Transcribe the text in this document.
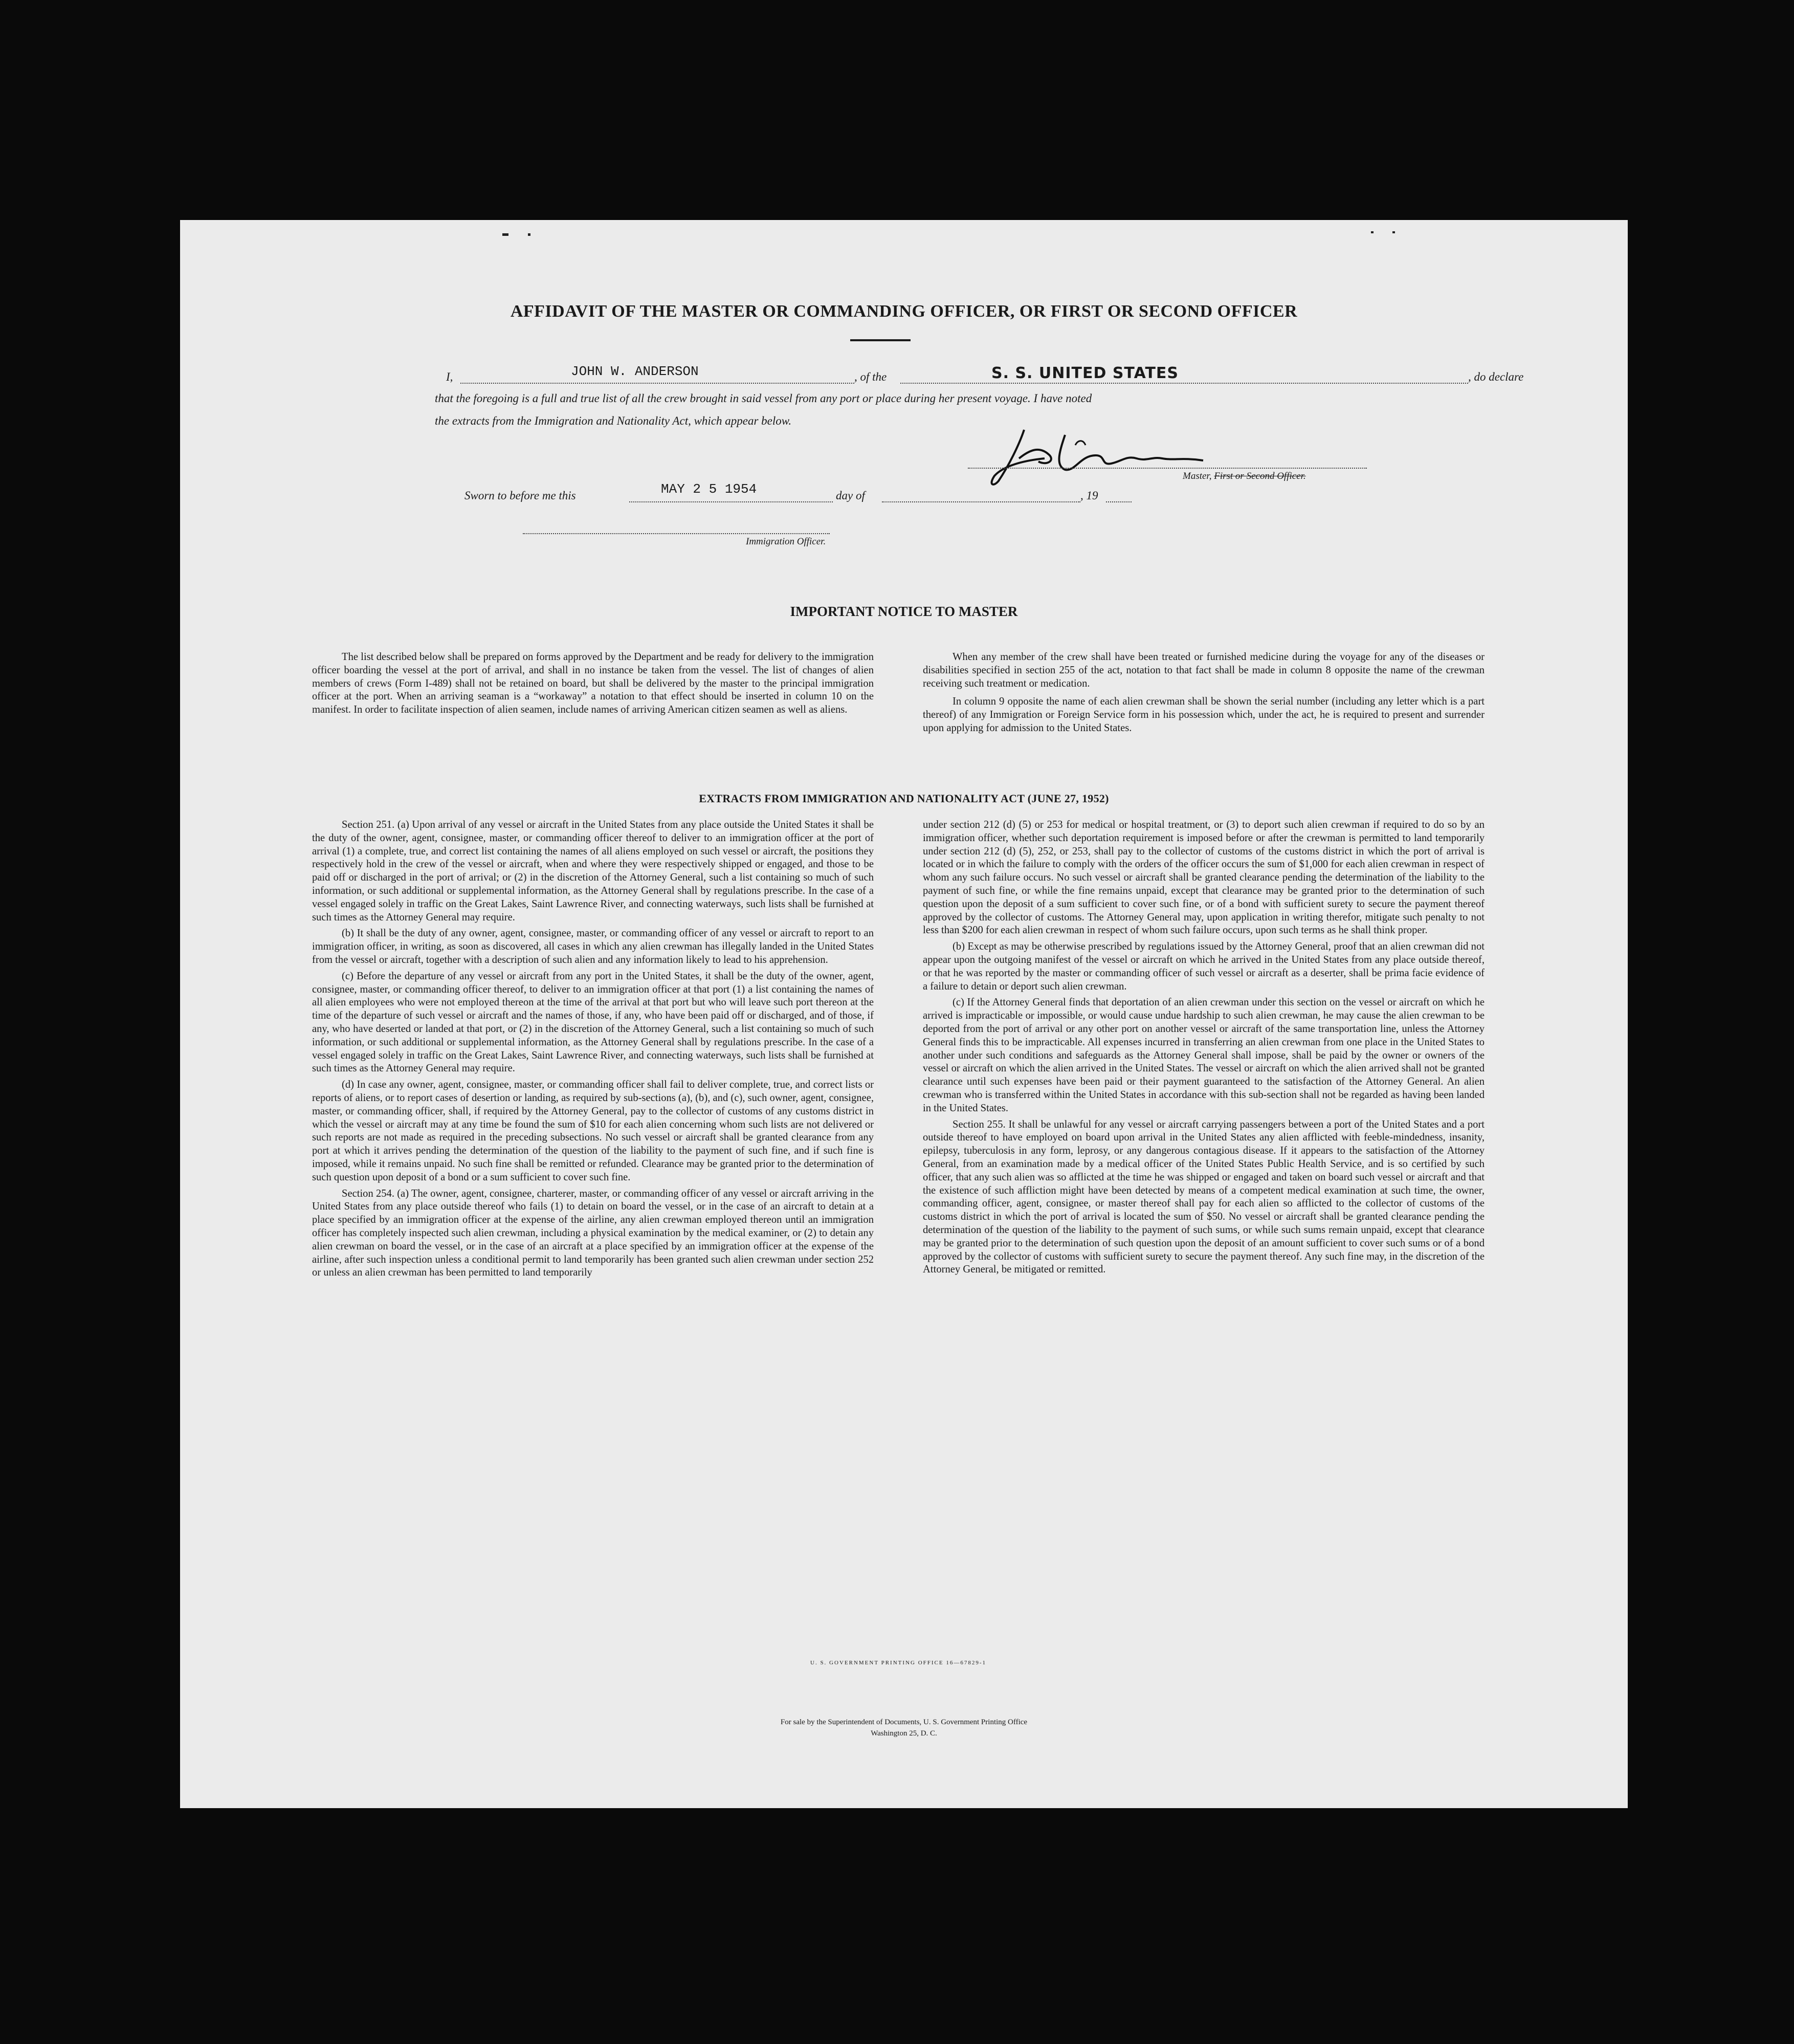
AFFIDAVIT OF THE MASTER OR COMMANDING OFFICER, OR FIRST OR SECOND OFFICER
I,	JOHN W. ANDERSON	, of the	S. S. UNITED STATES	, do declare
that the foregoing is a full and true list of all the crew brought in said vessel from any port or place during her present voyage. I have noted
the extracts from the Immigration and Nationality Act, which appear below.
Master, First or Second Officer.
Sworn to before me this	MAY 2 5 1954	day of	, 19
Immigration Officer.
IMPORTANT NOTICE TO MASTER

The list described below shall be prepared on forms approved by the Department and be ready for delivery to the immigration officer boarding the vessel at the port of arrival, and shall in no instance be taken from the vessel. The list of changes of alien members of crews (Form I-489) shall not be retained on board, but shall be delivered by the master to the principal immigration officer at the port. When an arriving seaman is a “workaway” a notation to that effect should be inserted in column 10 on the manifest. In order to facilitate inspection of alien seamen, include names of arriving American citizen seamen as well as aliens.

When any member of the crew shall have been treated or furnished medicine during the voyage for any of the diseases or disabilities specified in section 255 of the act, notation to that fact shall be made in column 8 opposite the name of the crewman receiving such treatment or medication.

In column 9 opposite the name of each alien crewman shall be shown the serial number (including any letter which is a part thereof) of any Immigration or Foreign Service form in his possession which, under the act, he is required to present and surrender upon applying for admission to the United States.

EXTRACTS FROM IMMIGRATION AND NATIONALITY ACT (JUNE 27, 1952)

Section 251. (a) Upon arrival of any vessel or aircraft in the United States from any place outside the United States it shall be the duty of the owner, agent, consignee, master, or commanding officer thereof to deliver to an immigration officer at the port of arrival (1) a complete, true, and correct list containing the names of all aliens employed on such vessel or aircraft, the positions they respectively hold in the crew of the vessel or aircraft, when and where they were respectively shipped or engaged, and those to be paid off or discharged in the port of arrival; or (2) in the discretion of the Attorney General, such a list containing so much of such information, or such additional or supplemental information, as the Attorney General shall by regulations prescribe. In the case of a vessel engaged solely in traffic on the Great Lakes, Saint Lawrence River, and connecting waterways, such lists shall be furnished at such times as the Attorney General may require.

(b) It shall be the duty of any owner, agent, consignee, master, or commanding officer of any vessel or aircraft to report to an immigration officer, in writing, as soon as discovered, all cases in which any alien crewman has illegally landed in the United States from the vessel or aircraft, together with a description of such alien and any information likely to lead to his apprehension.

(c) Before the departure of any vessel or aircraft from any port in the United States, it shall be the duty of the owner, agent, consignee, master, or commanding officer thereof, to deliver to an immigration officer at that port (1) a list containing the names of all alien employees who were not employed thereon at the time of the arrival at that port but who will leave such port thereon at the time of the departure of such vessel or aircraft and the names of those, if any, who have been paid off or discharged, and of those, if any, who have deserted or landed at that port, or (2) in the discretion of the Attorney General, such a list containing so much of such information, or such additional or supplemental information, as the Attorney General shall by regulations prescribe. In the case of a vessel engaged solely in traffic on the Great Lakes, Saint Lawrence River, and connecting waterways, such lists shall be furnished at such times as the Attorney General may require.

(d) In case any owner, agent, consignee, master, or commanding officer shall fail to deliver complete, true, and correct lists or reports of aliens, or to report cases of desertion or landing, as required by sub-sections (a), (b), and (c), such owner, agent, consignee, master, or commanding officer, shall, if required by the Attorney General, pay to the collector of customs of any customs district in which the vessel or aircraft may at any time be found the sum of $10 for each alien concerning whom such lists are not delivered or such reports are not made as required in the preceding subsections. No such vessel or aircraft shall be granted clearance from any port at which it arrives pending the determination of the question of the liability to the payment of such fine, and if such fine is imposed, while it remains unpaid. No such fine shall be remitted or refunded. Clearance may be granted prior to the determination of such question upon deposit of a bond or a sum sufficient to cover such fine.

Section 254. (a) The owner, agent, consignee, charterer, master, or commanding officer of any vessel or aircraft arriving in the United States from any place outside thereof who fails (1) to detain on board the vessel, or in the case of an aircraft to detain at a place specified by an immigration officer at the expense of the airline, any alien crewman employed thereon until an immigration officer has completely inspected such alien crewman, including a physical examination by the medical examiner, or (2) to detain any alien crewman on board the vessel, or in the case of an aircraft at a place specified by an immigration officer at the expense of the airline, after such inspection unless a conditional permit to land temporarily has been granted such alien crewman under section 252 or unless an alien crewman has been permitted to land temporarily

under section 212 (d) (5) or 253 for medical or hospital treatment, or (3) to deport such alien crewman if required to do so by an immigration officer, whether such deportation requirement is imposed before or after the crewman is permitted to land temporarily under section 212 (d) (5), 252, or 253, shall pay to the collector of customs of the customs district in which the port of arrival is located or in which the failure to comply with the orders of the officer occurs the sum of $1,000 for each alien crewman in respect of whom any such failure occurs. No such vessel or aircraft shall be granted clearance pending the determination of the liability to the payment of such fine, or while the fine remains unpaid, except that clearance may be granted prior to the determination of such question upon the deposit of a sum sufficient to cover such fine, or of a bond with sufficient surety to secure the payment thereof approved by the collector of customs. The Attorney General may, upon application in writing therefor, mitigate such penalty to not less than $200 for each alien crewman in respect of whom such failure occurs, upon such terms as he shall think proper.

(b) Except as may be otherwise prescribed by regulations issued by the Attorney General, proof that an alien crewman did not appear upon the outgoing manifest of the vessel or aircraft on which he arrived in the United States from any place outside thereof, or that he was reported by the master or commanding officer of such vessel or aircraft as a deserter, shall be prima facie evidence of a failure to detain or deport such alien crewman.

(c) If the Attorney General finds that deportation of an alien crewman under this section on the vessel or aircraft on which he arrived is impracticable or impossible, or would cause undue hardship to such alien crewman, he may cause the alien crewman to be deported from the port of arrival or any other port on another vessel or aircraft of the same transportation line, unless the Attorney General finds this to be impracticable. All expenses incurred in transferring an alien crewman from one place in the United States to another under such conditions and safeguards as the Attorney General shall impose, shall be paid by the owner or owners of the vessel or aircraft on which the alien arrived in the United States. The vessel or aircraft on which the alien arrived shall not be granted clearance until such expenses have been paid or their payment guaranteed to the satisfaction of the Attorney General. An alien crewman who is transferred within the United States in accordance with this sub-section shall not be regarded as having been landed in the United States.

Section 255. It shall be unlawful for any vessel or aircraft carrying passengers between a port of the United States and a port outside thereof to have employed on board upon arrival in the United States any alien afflicted with feeble-mindedness, insanity, epilepsy, tuberculosis in any form, leprosy, or any dangerous contagious disease. If it appears to the satisfaction of the Attorney General, from an examination made by a medical officer of the United States Public Health Service, and is so certified by such officer, that any such alien was so afflicted at the time he was shipped or engaged and taken on board such vessel or aircraft and that the existence of such affliction might have been detected by means of a competent medical examination at such time, the owner, commanding officer, agent, consignee, or master thereof shall pay for each alien so afflicted to the collector of customs of the customs district in which the port of arrival is located the sum of $50. No vessel or aircraft shall be granted clearance pending the determination of the question of the liability to the payment of such sums, or while such sums remain unpaid, except that clearance may be granted prior to the determination of such question upon the deposit of an amount sufficient to cover such sums or of a bond approved by the collector of customs with sufficient surety to secure the payment thereof. Any such fine may, in the discretion of the Attorney General, be mitigated or remitted.

U. S. GOVERNMENT PRINTING OFFICE 16—67829-1
For sale by the Superintendent of Documents, U. S. Government Printing Office
Washington 25, D. C.
